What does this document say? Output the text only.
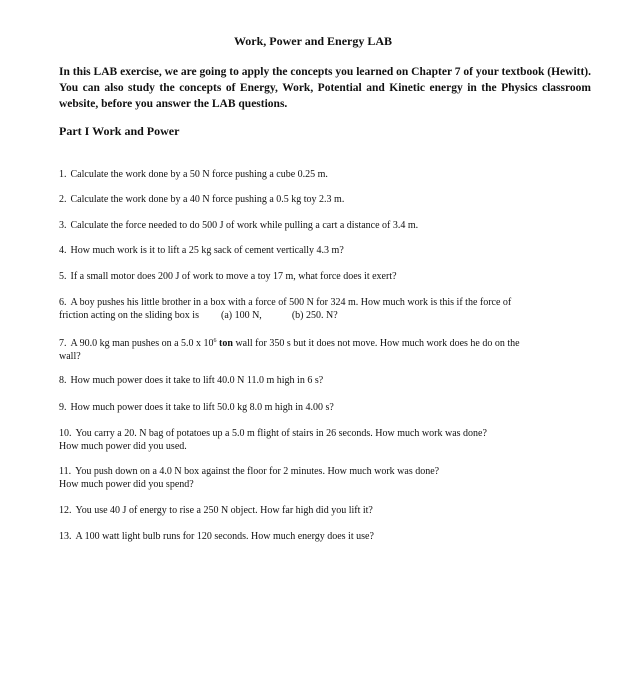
Work, Power and Energy LAB
In this LAB exercise, we are going to apply the concepts you learned on Chapter 7 of your textbook (Hewitt). You can also study the concepts of Energy, Work, Potential and Kinetic energy in the Physics classroom website, before you answer the LAB questions.
Part I Work and Power
1. Calculate the work done by a 50 N force pushing a cube 0.25 m.
2. Calculate the work done by a 40 N force pushing a 0.5 kg toy 2.3 m.
3. Calculate the force needed to do 500 J of work while pulling a cart a distance of 3.4 m.
4. How much work is it to lift a 25 kg sack of cement vertically 4.3 m?
5. If a small motor does 200 J of work to move a toy 17 m, what force does it exert?
6. A boy pushes his little brother in a box with a force of 500 N for 324 m. How much work is this if the force of
friction acting on the sliding box is (a) 100 N,	(b) 250. N?
7. A 90.0 kg man pushes on a 5.0 x $10^6$ ton wall for 350 s but it does not move. How much work does he do on the
wall?
8. How much power does it take to lift 40.0 N 11.0 m high in 6 s?
9. How much power does it take to lift 50.0 kg 8.0 m high in 4.00 s?
10. You carry a 20. N bag of potatoes up a 5.0 m flight of stairs in 26 seconds. How much work was done?
How much power did you used.
11. You push down on a 4.0 N box against the floor for 2 minutes. How much work was done?
How much power did you spend?
12. You use 40 J of energy to rise a 250 N object. How far high did you lift it?
13. A 100 watt light bulb runs for 120 seconds. How much energy does it use?
